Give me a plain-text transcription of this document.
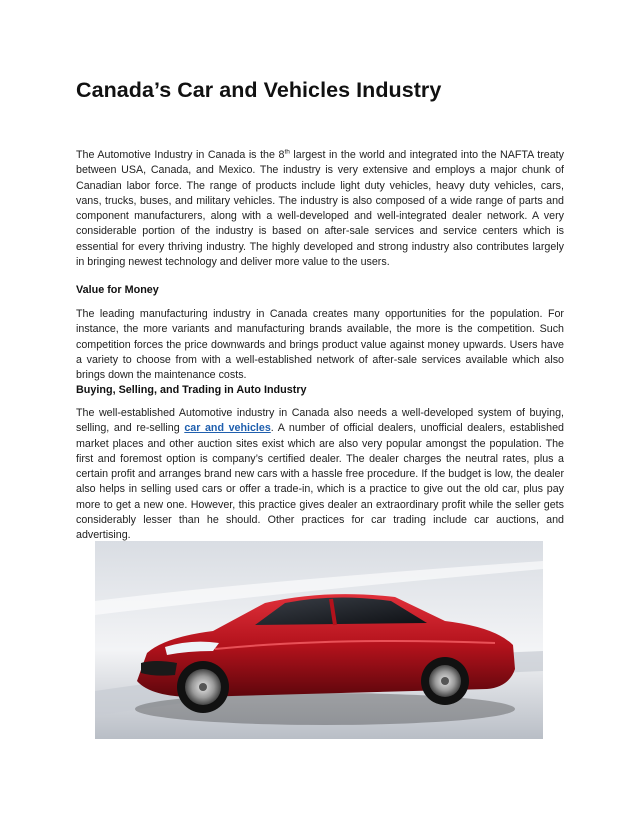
Canada’s Car and Vehicles Industry

The Automotive Industry in Canada is the 8th largest in the world and integrated into the NAFTA treaty between USA, Canada, and Mexico. The industry is very extensive and employs a major chunk of Canadian labor force. The range of products include light duty vehicles, heavy duty vehicles, cars, vans, trucks, buses, and military vehicles. The industry is also composed of a wide range of parts and component manufacturers, along with a well-developed and well-integrated dealer network. A very considerable portion of the industry is based on after-sale services and service centers which is essential for every thriving industry. The highly developed and strong industry also contributes largely in bringing newest technology and deliver more value to the users.

Value for Money

The leading manufacturing industry in Canada creates many opportunities for the population. For instance, the more variants and manufacturing brands available, the more is the competition. Such competition forces the price downwards and brings product value against money upwards. Users have a variety to choose from with a well-established network of after-sale services available which also brings down the maintenance costs.

Buying, Selling, and Trading in Auto Industry

The well-established Automotive industry in Canada also needs a well-developed system of buying, selling, and re-selling car and vehicles. A number of official dealers, unofficial dealers, established market places and other auction sites exist which are also very popular amongst the population. The first and foremost option is company’s certified dealer. The dealer charges the neutral rates, plus a certain profit and arranges brand new cars with a hassle free procedure. If the budget is low, the dealer also helps in selling used cars or offer a trade-in, which is a practice to give out the old car, plus pay more to get a new one. However, this practice gives dealer an extraordinary profit while the seller gets considerably lesser than he should. Other practices for car trading include car auctions, and advertising.
